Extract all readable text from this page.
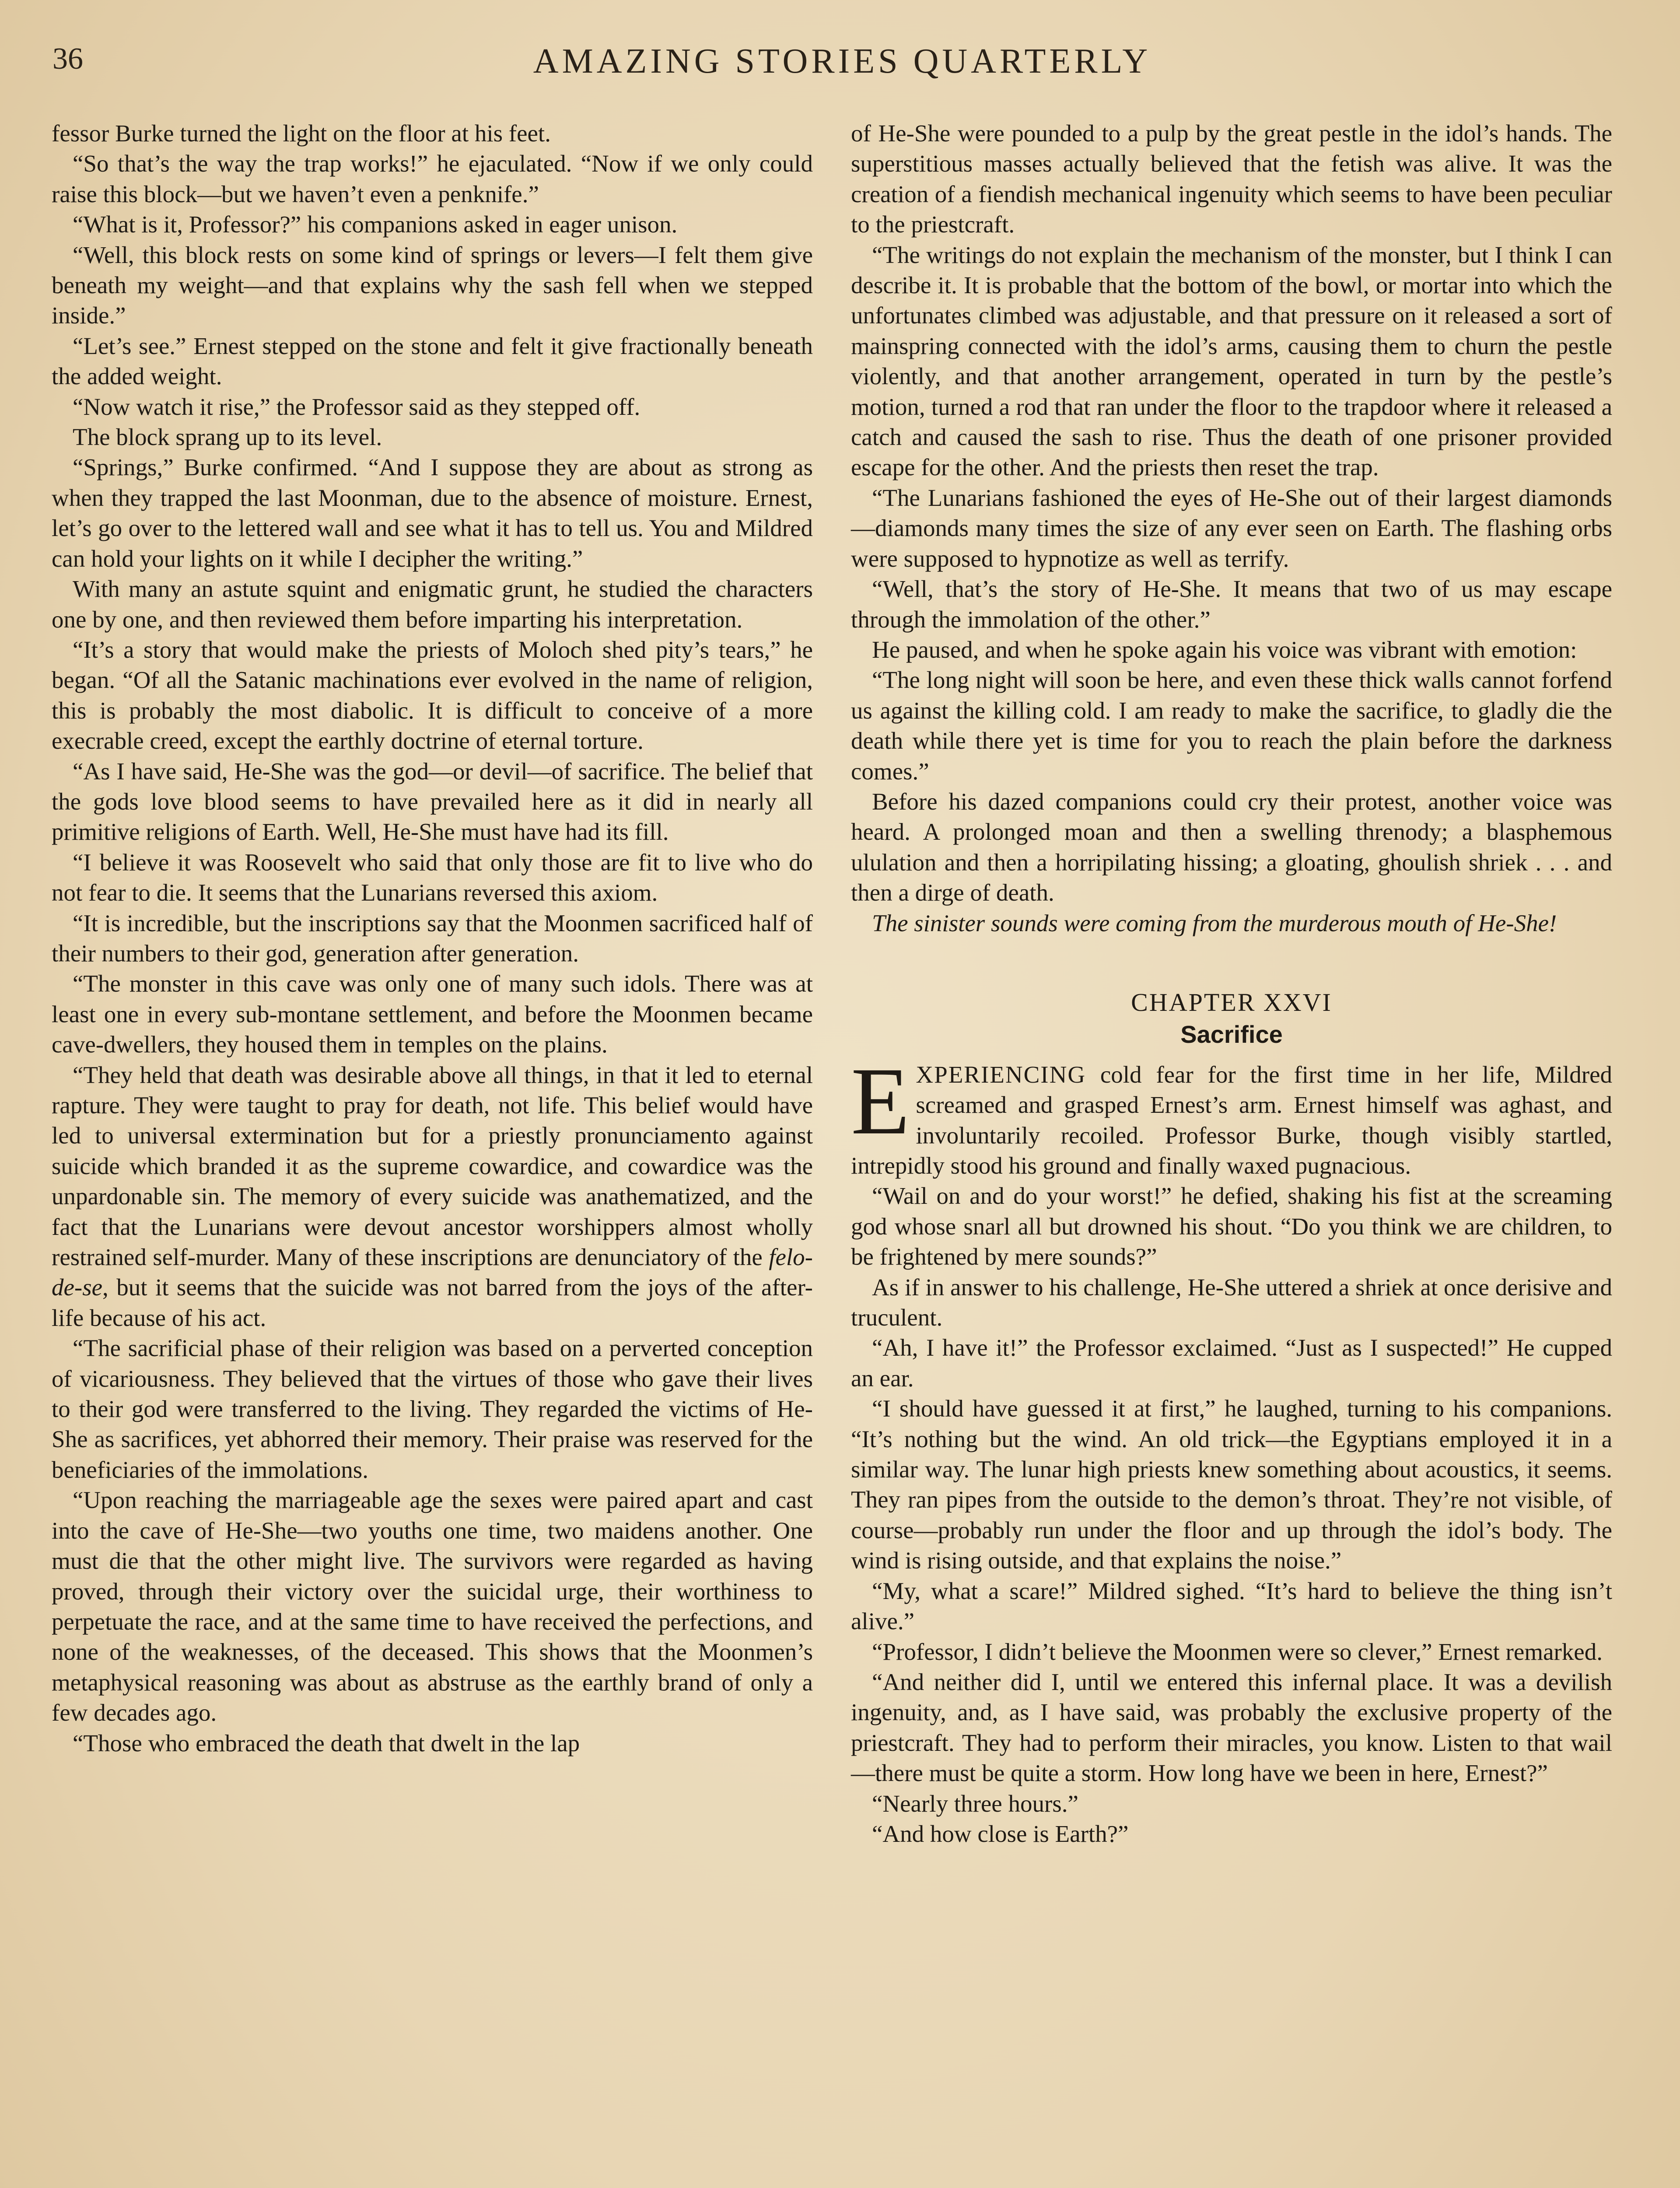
36	AMAZING STORIES QUARTERLY

fessor Burke turned the light on the floor at his feet.

“So that’s the way the trap works!” he ejaculated. “Now if we only could raise this block—but we haven’t even a penknife.”

“What is it, Professor?” his companions asked in eager unison.

“Well, this block rests on some kind of springs or levers—I felt them give beneath my weight—and that explains why the sash fell when we stepped inside.”

“Let’s see.” Ernest stepped on the stone and felt it give fractionally beneath the added weight.

“Now watch it rise,” the Professor said as they stepped off.

The block sprang up to its level.

“Springs,” Burke confirmed. “And I suppose they are about as strong as when they trapped the last Moonman, due to the absence of moisture. Ernest, let’s go over to the lettered wall and see what it has to tell us. You and Mildred can hold your lights on it while I decipher the writing.”

With many an astute squint and enigmatic grunt, he studied the characters one by one, and then reviewed them before imparting his interpretation.

“It’s a story that would make the priests of Moloch shed pity’s tears,” he began. “Of all the Satanic machinations ever evolved in the name of religion, this is probably the most diabolic. It is difficult to conceive of a more execrable creed, except the earthly doctrine of eternal torture.

“As I have said, He-She was the god—or devil—of sacrifice. The belief that the gods love blood seems to have prevailed here as it did in nearly all primitive religions of Earth. Well, He-She must have had its fill.

“I believe it was Roosevelt who said that only those are fit to live who do not fear to die. It seems that the Lunarians reversed this axiom.

“It is incredible, but the inscriptions say that the Moonmen sacrificed half of their numbers to their god, generation after generation.

“The monster in this cave was only one of many such idols. There was at least one in every sub-montane settlement, and before the Moonmen became cave-dwellers, they housed them in temples on the plains.

“They held that death was desirable above all things, in that it led to eternal rapture. They were taught to pray for death, not life. This belief would have led to universal extermination but for a priestly pronunciamento against suicide which branded it as the supreme cowardice, and cowardice was the unpardonable sin. The memory of every suicide was anathematized, and the fact that the Lunarians were devout ancestor worshippers almost wholly restrained self-murder. Many of these inscriptions are denunciatory of the felo-de-se, but it seems that the suicide was not barred from the joys of the after-life because of his act.

“The sacrificial phase of their religion was based on a perverted conception of vicariousness. They believed that the virtues of those who gave their lives to their god were transferred to the living. They regarded the victims of He-She as sacrifices, yet abhorred their memory. Their praise was reserved for the beneficiaries of the immolations.

“Upon reaching the marriageable age the sexes were paired apart and cast into the cave of He-She—two youths one time, two maidens another. One must die that the other might live. The survivors were regarded as having proved, through their victory over the suicidal urge, their worthiness to perpetuate the race, and at the same time to have received the perfections, and none of the weaknesses, of the deceased. This shows that the Moonmen’s metaphysical reasoning was about as abstruse as the earthly brand of only a few decades ago.

“Those who embraced the death that dwelt in the lap

of He-She were pounded to a pulp by the great pestle in the idol’s hands. The superstitious masses actually believed that the fetish was alive. It was the creation of a fiendish mechanical ingenuity which seems to have been peculiar to the priestcraft.

“The writings do not explain the mechanism of the monster, but I think I can describe it. It is probable that the bottom of the bowl, or mortar into which the unfortunates climbed was adjustable, and that pressure on it released a sort of mainspring connected with the idol’s arms, causing them to churn the pestle violently, and that another arrangement, operated in turn by the pestle’s motion, turned a rod that ran under the floor to the trapdoor where it released a catch and caused the sash to rise. Thus the death of one prisoner provided escape for the other. And the priests then reset the trap.

“The Lunarians fashioned the eyes of He-She out of their largest diamonds—diamonds many times the size of any ever seen on Earth. The flashing orbs were supposed to hypnotize as well as terrify.

“Well, that’s the story of He-She. It means that two of us may escape through the immolation of the other.”

He paused, and when he spoke again his voice was vibrant with emotion:

“The long night will soon be here, and even these thick walls cannot forfend us against the killing cold. I am ready to make the sacrifice, to gladly die the death while there yet is time for you to reach the plain before the darkness comes.”

Before his dazed companions could cry their protest, another voice was heard. A prolonged moan and then a swelling threnody; a blasphemous ululation and then a horripilating hissing; a gloating, ghoulish shriek . . . and then a dirge of death.

The sinister sounds were coming from the murderous mouth of He-She!

CHAPTER XXVI
Sacrifice

EXPERIENCING cold fear for the first time in her life, Mildred screamed and grasped Ernest’s arm. Ernest himself was aghast, and involuntarily recoiled. Professor Burke, though visibly startled, intrepidly stood his ground and finally waxed pugnacious.

“Wail on and do your worst!” he defied, shaking his fist at the screaming god whose snarl all but drowned his shout. “Do you think we are children, to be frightened by mere sounds?”

As if in answer to his challenge, He-She uttered a shriek at once derisive and truculent.

“Ah, I have it!” the Professor exclaimed. “Just as I suspected!” He cupped an ear.

“I should have guessed it at first,” he laughed, turning to his companions. “It’s nothing but the wind. An old trick—the Egyptians employed it in a similar way. The lunar high priests knew something about acoustics, it seems. They ran pipes from the outside to the demon’s throat. They’re not visible, of course—probably run under the floor and up through the idol’s body. The wind is rising outside, and that explains the noise.”

“My, what a scare!” Mildred sighed. “It’s hard to believe the thing isn’t alive.”

“Professor, I didn’t believe the Moonmen were so clever,” Ernest remarked.

“And neither did I, until we entered this infernal place. It was a devilish ingenuity, and, as I have said, was probably the exclusive property of the priestcraft. They had to perform their miracles, you know. Listen to that wail—there must be quite a storm. How long have we been in here, Ernest?”

“Nearly three hours.”

“And how close is Earth?”
